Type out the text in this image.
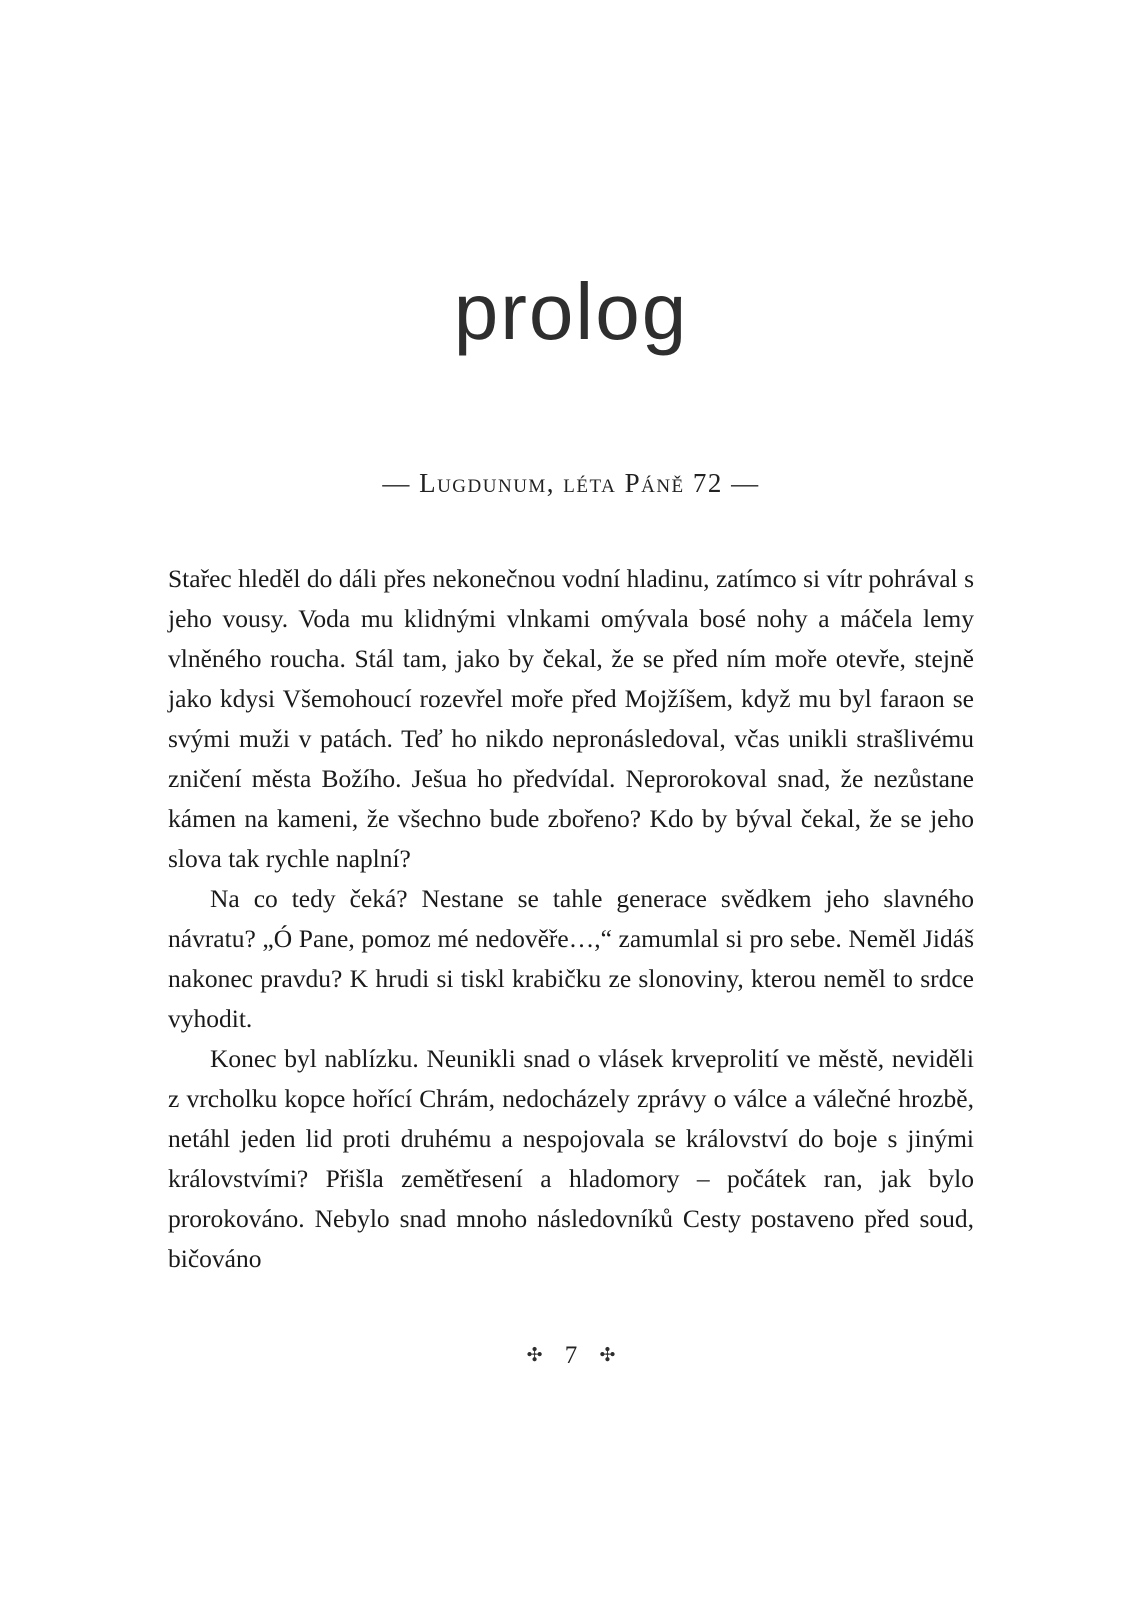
prolog
— Lugdunum, léta Páně 72 —

Stařec hleděl do dáli přes nekonečnou vodní hladinu, zatímco si vítr pohrával s jeho vousy. Voda mu klidnými vlnkami omývala bosé nohy a máčela lemy vlněného roucha. Stál tam, jako by čekal, že se před ním moře otevře, stejně jako kdysi Všemohoucí rozevřel moře před Mojžíšem, když mu byl faraon se svými muži v patách. Teď ho nikdo nepronásledoval, včas unikli strašlivému zničení města Božího. Ješua ho předvídal. Neprorokoval snad, že nezůstane kámen na kameni, že všechno bude zbořeno? Kdo by býval čekal, že se jeho slova tak rychle naplní?

Na co tedy čeká? Nestane se tahle generace svědkem jeho slavného návratu? „Ó Pane, pomoz mé nedověře…,“ zamumlal si pro sebe. Neměl Jidáš nakonec pravdu? K hrudi si tiskl krabičku ze slonoviny, kterou neměl to srdce vyhodit.

Konec byl nablízku. Neunikli snad o vlásek krveprolití ve městě, neviděli z vrcholku kopce hořící Chrám, nedocházely zprávy o válce a válečné hrozbě, netáhl jeden lid proti druhému a nespojovala se království do boje s jinými královstvími? Přišla zemětřesení a hladomory – počátek ran, jak bylo prorokováno. Nebylo snad mnoho následovníků Cesty postaveno před soud, bičováno

✣ 7 ✣
